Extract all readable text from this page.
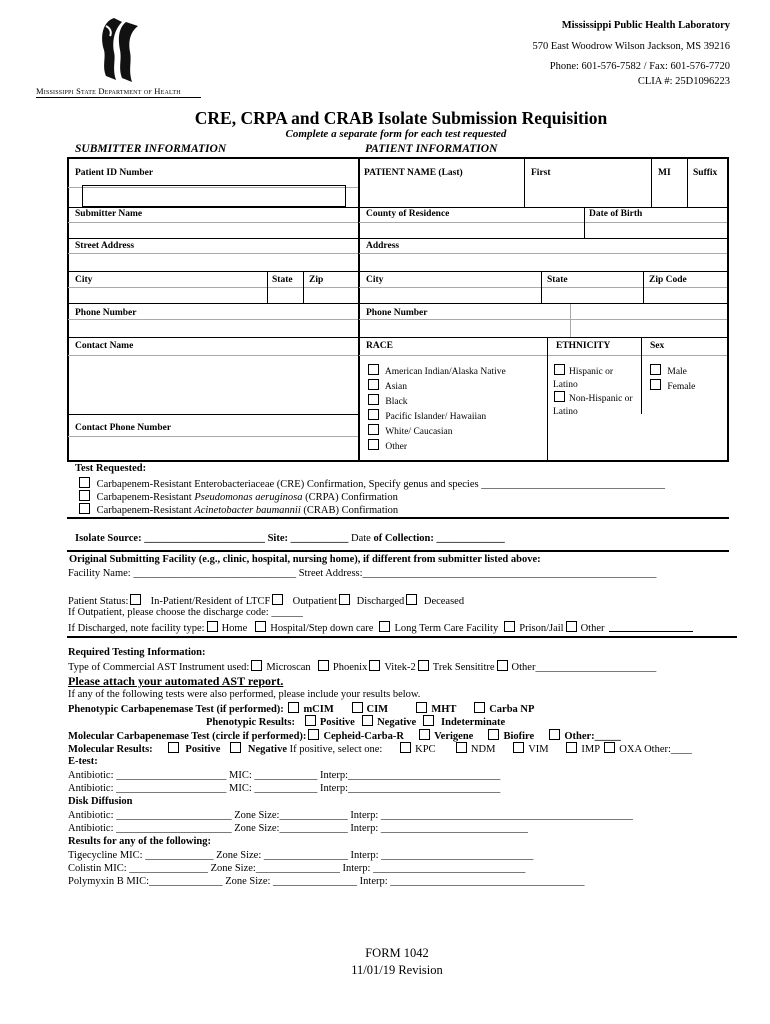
Mississippi State Department of Health
Mississippi Public Health Laboratory
570 East Woodrow Wilson Jackson, MS 39216
Phone: 601-576-7582 / Fax: 601-576-7720
CLIA #: 25D1096223
CRE, CRPA and CRAB Isolate Submission Requisition
Complete a separate form for each test requested
SUBMITTER INFORMATION	PATIENT INFORMATION
Patient ID Number	PATIENT NAME (Last)	First	MI Suffix
Submitter Name	County of Residence	Date of Birth
Street Address	Address
City	State Zip	City	State	Zip Code
Phone Number	Phone Number
Contact Name	RACE	ETHNICITY	Sex
Contact Phone Number
American Indian/Alaska Native
Asian
Black
Pacific Islander/ Hawaiian
White/ Caucasian
Other
Hispanic or
Latino
Non-Hispanic or
Latino
Male
Female
Test Requested:
Carbapenem-Resistant Enterobacteriaceae (CRE) Confirmation, Specify genus and species ___________________________________
Carbapenem-Resistant Pseudomonas aeruginosa (CRPA) Confirmation
Carbapenem-Resistant Acinetobacter baumannii (CRAB) Confirmation
Isolate Source: _______________________ Site: ___________ Date of Collection: _____________
Original Submitting Facility (e.g., clinic, hospital, nursing home), if different from submitter listed above:
Facility Name: _______________________________ Street Address:________________________________________________________
Patient Status: In-Patient/Resident of LTCF Outpatient Discharged Deceased
If Outpatient, please choose the discharge code: ______
If Discharged, note facility type: Home Hospital/Step down care Long Term Care Facility Prison/Jail Other
Required Testing Information:
Type of Commercial AST Instrument used: Microscan Phoenix Vitek-2 Trek Sensititre Other_______________________
Please attach your automated AST report.
If any of the following tests were also performed, please include your results below.
Phenotypic Carbapenemase Test (if performed): mCIM	CIM	MHT	Carba NP
Phenotypic Results: Positive Negative Indeterminate
Molecular Carbapenemase Test (circle if performed): Cepheid-Carba-R	Verigene	Biofire	Other:_____
Molecular Results:	Positive	Negative If positive, select one:	KPC	NDM	VIM	IMP OXA Other:____
E-test:
Antibiotic: _____________________ MIC: ____________ Interp:_____________________________
Antibiotic: _____________________ MIC: ____________ Interp:_____________________________
Disk Diffusion
Antibiotic: ______________________ Zone Size:_____________ Interp: ________________________________________________
Antibiotic: ______________________ Zone Size:_____________ Interp: ____________________________
Results for any of the following:
Tigecycline MIC: _____________ Zone Size: ________________ Interp: _____________________________
Colistin MIC: _______________ Zone Size:________________ Interp: _____________________________
Polymyxin B MIC:______________ Zone Size: ________________ Interp: _____________________________________
FORM 1042
11/01/19 Revision
